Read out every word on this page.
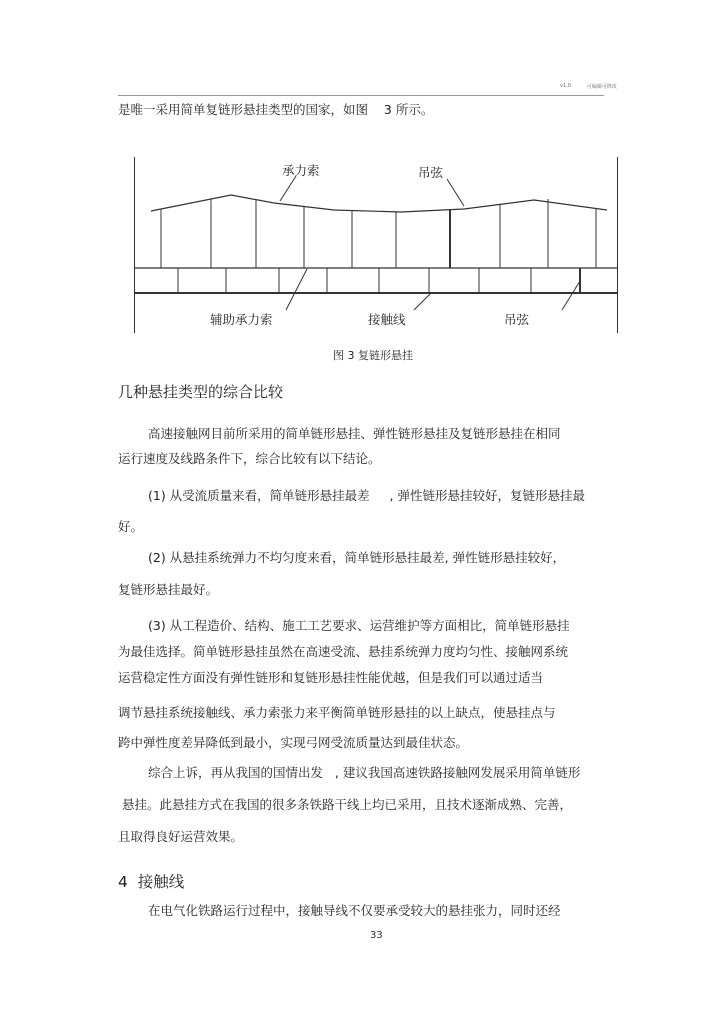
v1.0	可编辑可修改
是唯一采用简单复链形悬挂类型的国家，如图    3 所示。
承力索	吊弦
辅助承力索	接触线	吊弦
图 3 复链形悬挂
几种悬挂类型的综合比较
高速接触网目前所采用的简单链形悬挂、弹性链形悬挂及复链形悬挂在相同
运行速度及线路条件下，综合比较有以下结论。
(1) 从受流质量来看，简单链形悬挂最差     , 弹性链形悬挂较好，复链形悬挂最
好。
(2) 从悬挂系统弹力不均匀度来看，简单链形悬挂最差, 弹性链形悬挂较好，
复链形悬挂最好。
(3) 从工程造价、结构、施工工艺要求、运营维护等方面相比，简单链形悬挂
为最佳选择。简单链形悬挂虽然在高速受流、悬挂系统弹力度均匀性、接触网系统
运营稳定性方面没有弹性链形和复链形悬挂性能优越，但是我们可以通过适当
调节悬挂系统接触线、承力索张力来平衡简单链形悬挂的以上缺点，使悬挂点与
跨中弹性度差异降低到最小，实现弓网受流质量达到最佳状态。
综合上诉，再从我国的国情出发   , 建议我国高速铁路接触网发展采用简单链形
悬挂。此悬挂方式在我国的很多条铁路干线上均已采用，且技术逐渐成熟、完善，
且取得良好运营效果。
4 接触线
在电气化铁路运行过程中，接触导线不仅要承受较大的悬挂张力，同时还经
33
